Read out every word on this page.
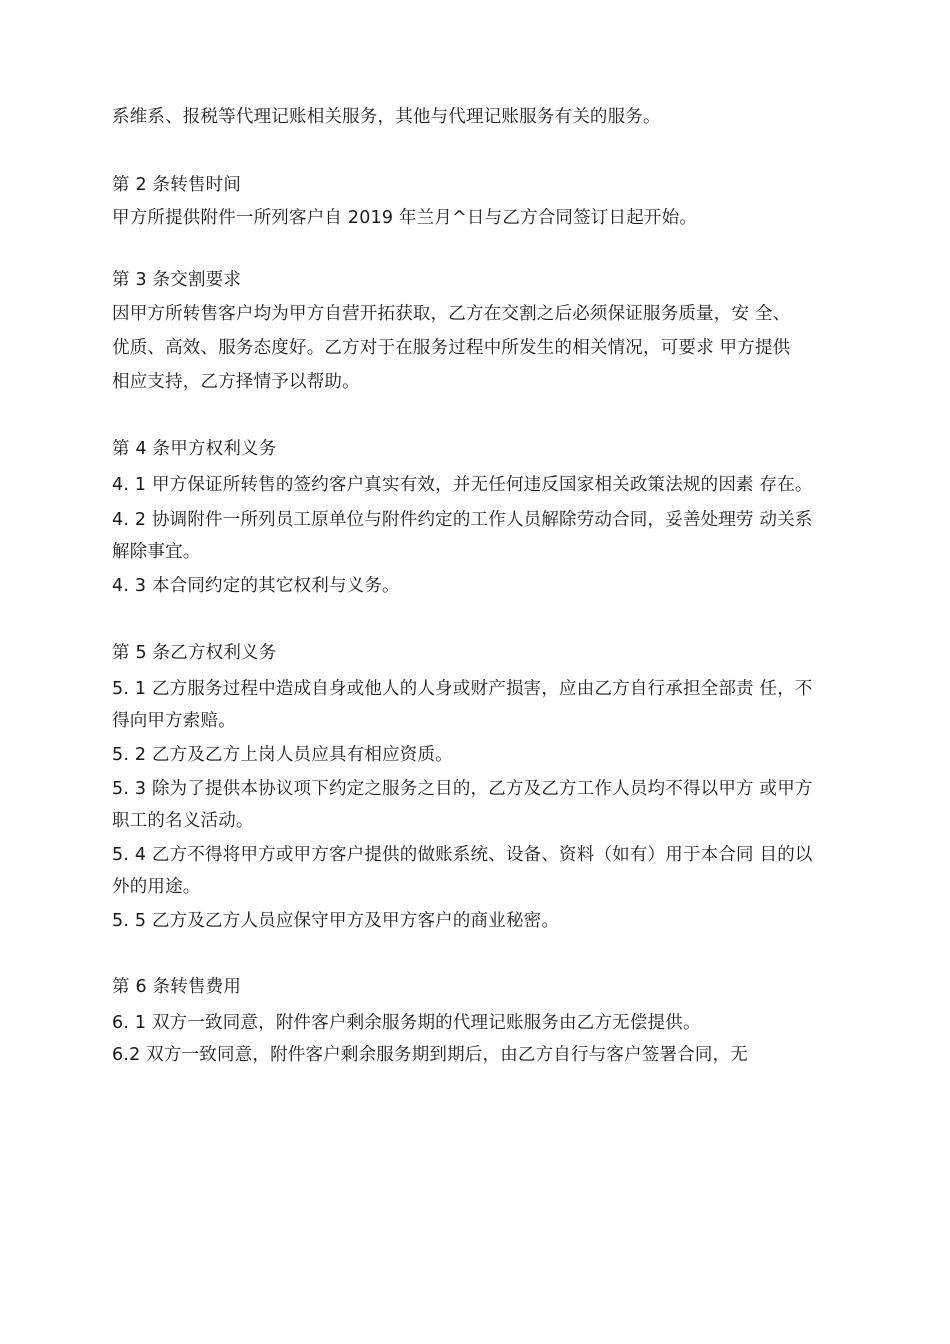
系维系、报税等代理记账相关服务，其他与代理记账服务有关的服务。
第 2 条转售时间
甲方所提供附件一所列客户自 2019 年兰月^日与乙方合同签订日起开始。
第 3 条交割要求
因甲方所转售客户均为甲方自营开拓获取，乙方在交割之后必须保证服务质量，安 全、
优质、高效、服务态度好。乙方对于在服务过程中所发生的相关情况，可要求 甲方提供
相应支持，乙方择情予以帮助。
第 4 条甲方权利义务
4. 1 甲方保证所转售的签约客户真实有效，并无任何违反国家相关政策法规的因素 存在。
4. 2 协调附件一所列员工原单位与附件约定的工作人员解除劳动合同，妥善处理劳 动关系
解除事宜。
4. 3 本合同约定的其它权利与义务。
第 5 条乙方权利义务
5. 1 乙方服务过程中造成自身或他人的人身或财产损害，应由乙方自行承担全部责 任，不
得向甲方索赔。
5. 2 乙方及乙方上岗人员应具有相应资质。
5. 3 除为了提供本协议项下约定之服务之目的，乙方及乙方工作人员均不得以甲方 或甲方
职工的名义活动。
5. 4 乙方不得将甲方或甲方客户提供的做账系统、设备、资料（如有）用于本合同 目的以
外的用途。
5. 5 乙方及乙方人员应保守甲方及甲方客户的商业秘密。
第 6 条转售费用
6. 1 双方一致同意，附件客户剩余服务期的代理记账服务由乙方无偿提供。
6.2 双方一致同意，附件客户剩余服务期到期后，由乙方自行与客户签署合同，无
